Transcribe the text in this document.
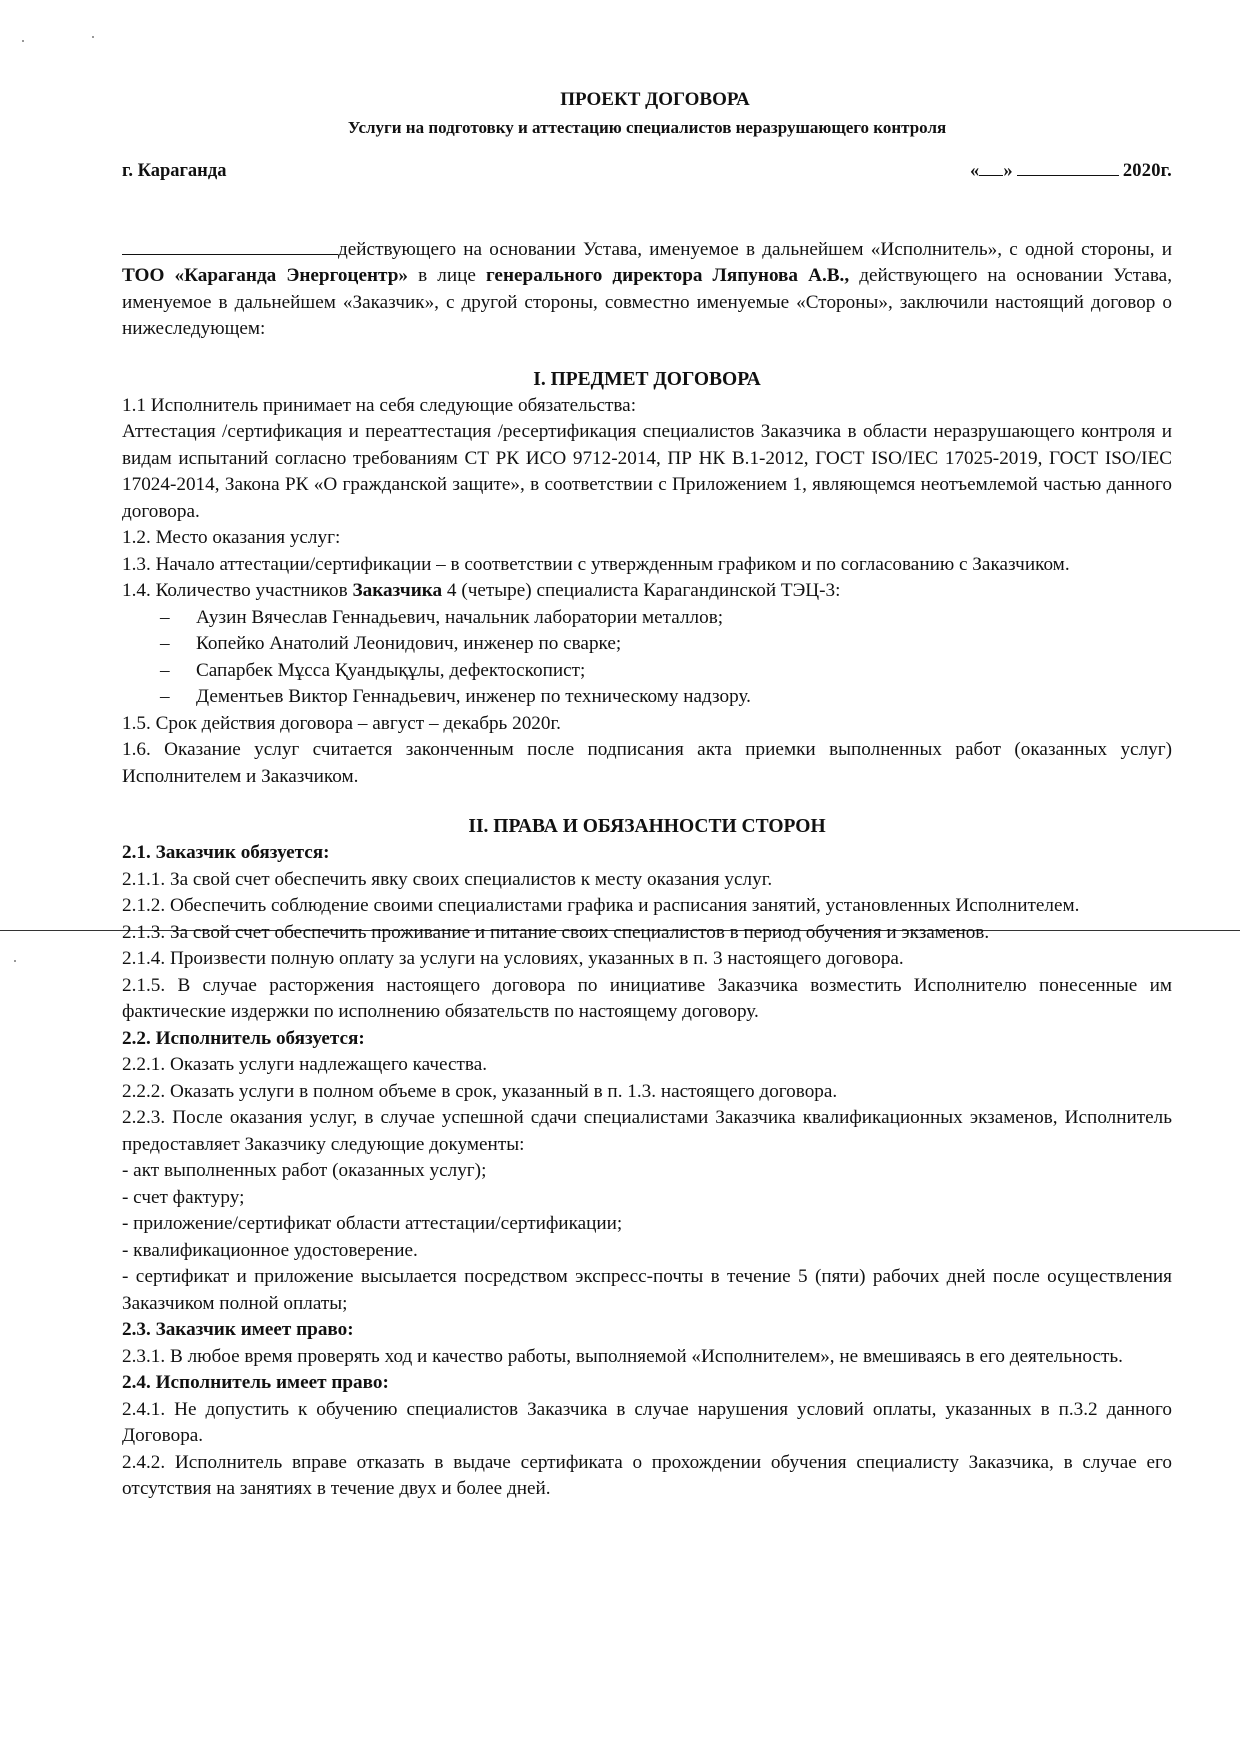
ПРОЕКТ ДОГОВОРА
Услуги на подготовку и аттестацию специалистов неразрушающего контроля
г. Караганда	« »	2020г.

действующего на основании Устава, именуемое в дальнейшем «Исполнитель», с одной стороны, и ТОО «Караганда Энергоцентр» в лице генерального директора Ляпунова А.В., действующего на основании Устава, именуемое в дальнейшем «Заказчик», с другой стороны, совместно именуемые «Стороны», заключили настоящий договор о нижеследующем:

I. ПРЕДМЕТ ДОГОВОРА

1.1 Исполнитель принимает на себя следующие обязательства:

Аттестация /сертификация и переаттестация /ресертификация специалистов Заказчика в области неразрушающего контроля и видам испытаний согласно требованиям СТ РК ИСО 9712-2014, ПР НК В.1-2012, ГОСТ ISO/IEC 17025-2019, ГОСТ ISO/IEC 17024-2014, Закона РК «О гражданской защите», в соответствии с Приложением 1, являющемся неотъемлемой частью данного договора.

1.2. Место оказания услуг:

1.3. Начало аттестации/сертификации – в соответствии с утвержденным графиком и по согласованию с Заказчиком.

1.4. Количество участников Заказчика 4 (четыре) специалиста Карагандинской ТЭЦ-3:

– Аузин Вячеслав Геннадьевич, начальник лаборатории металлов;
– Копейко Анатолий Леонидович, инженер по сварке;
– Сапарбек Мұсса Қуандықұлы, дефектоскопист;
– Дементьев Виктор Геннадьевич, инженер по техническому надзору.

1.5. Срок действия договора – август – декабрь 2020г.

1.6. Оказание услуг считается законченным после подписания акта приемки выполненных работ (оказанных услуг) Исполнителем и Заказчиком.

II. ПРАВА И ОБЯЗАННОСТИ СТОРОН

2.1. Заказчик обязуется:

2.1.1. За свой счет обеспечить явку своих специалистов к месту оказания услуг.

2.1.2. Обеспечить соблюдение своими специалистами графика и расписания занятий, установленных Исполнителем.

2.1.3. За свой счет обеспечить проживание и питание своих специалистов в период обучения и экзаменов.

2.1.4. Произвести полную оплату за услуги на условиях, указанных в п. 3 настоящего договора.

2.1.5. В случае расторжения настоящего договора по инициативе Заказчика возместить Исполнителю понесенные им фактические издержки по исполнению обязательств по настоящему договору.

2.2. Исполнитель обязуется:

2.2.1. Оказать услуги надлежащего качества.

2.2.2. Оказать услуги в полном объеме в срок, указанный в п. 1.3. настоящего договора.

2.2.3. После оказания услуг, в случае успешной сдачи специалистами Заказчика квалификационных экзаменов, Исполнитель предоставляет Заказчику следующие документы:

- акт выполненных работ (оказанных услуг);

- счет фактуру;

- приложение/сертификат области аттестации/сертификации;

- квалификационное удостоверение.

- сертификат и приложение высылается посредством экспресс-почты в течение 5 (пяти) рабочих дней после осуществления Заказчиком полной оплаты;

2.3. Заказчик имеет право:

2.3.1. В любое время проверять ход и качество работы, выполняемой «Исполнителем», не вмешиваясь в его деятельность.

2.4. Исполнитель имеет право:

2.4.1. Не допустить к обучению специалистов Заказчика в случае нарушения условий оплаты, указанных в п.3.2 данного Договора.

2.4.2. Исполнитель вправе отказать в выдаче сертификата о прохождении обучения специалисту Заказчика, в случае его отсутствия на занятиях в течение двух и более дней.
